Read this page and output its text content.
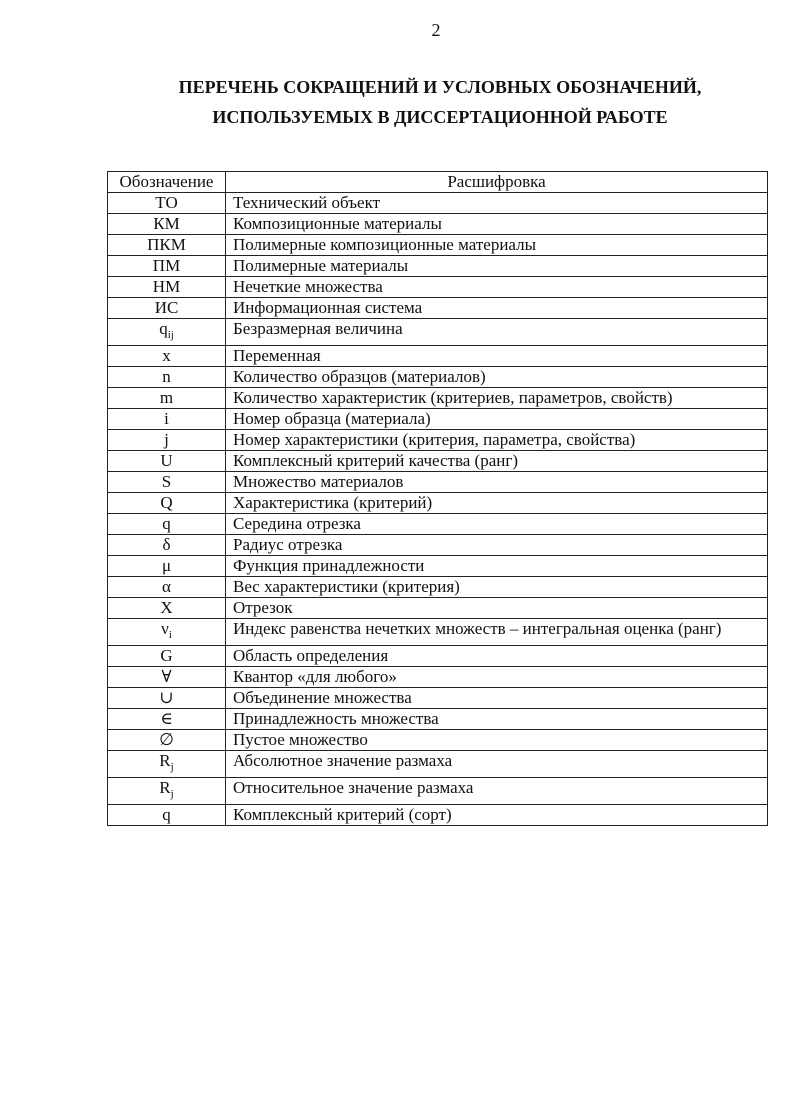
2
ПЕРЕЧЕНЬ СОКРАЩЕНИЙ И УСЛОВНЫХ ОБОЗНАЧЕНИЙ,
ИСПОЛЬЗУЕМЫХ В ДИССЕРТАЦИОННОЙ РАБОТЕ
Обозначение	Расшифровка
ТО	Технический объект
КМ	Композиционные материалы
ПКМ	Полимерные композиционные материалы
ПМ	Полимерные материалы
НМ	Нечеткие множества
ИС	Информационная система
$q_{ij}$	Безразмерная величина
x	Переменная
n	Количество образцов (материалов)
m	Количество характеристик (критериев, параметров, свойств)
i	Номер образца (материала)
j	Номер характеристики (критерия, параметра, свойства)
U	Комплексный критерий качества (ранг)
S	Множество материалов
Q	Характеристика (критерий)
q	Середина отрезка
δ	Радиус отрезка
μ	Функция принадлежности
α	Вес характеристики (критерия)
X	Отрезок
$\nu_i$	Индекс равенства нечетких множеств – интегральная оценка (ранг)
G	Область определения
∀	Квантор «для любого»
∪	Объединение множества
∈	Принадлежность множества
∅	Пустое множество
$R_j$	Абсолютное значение размаха
$R_j$	Относительное значение размаха
q	Комплексный критерий (сорт)
